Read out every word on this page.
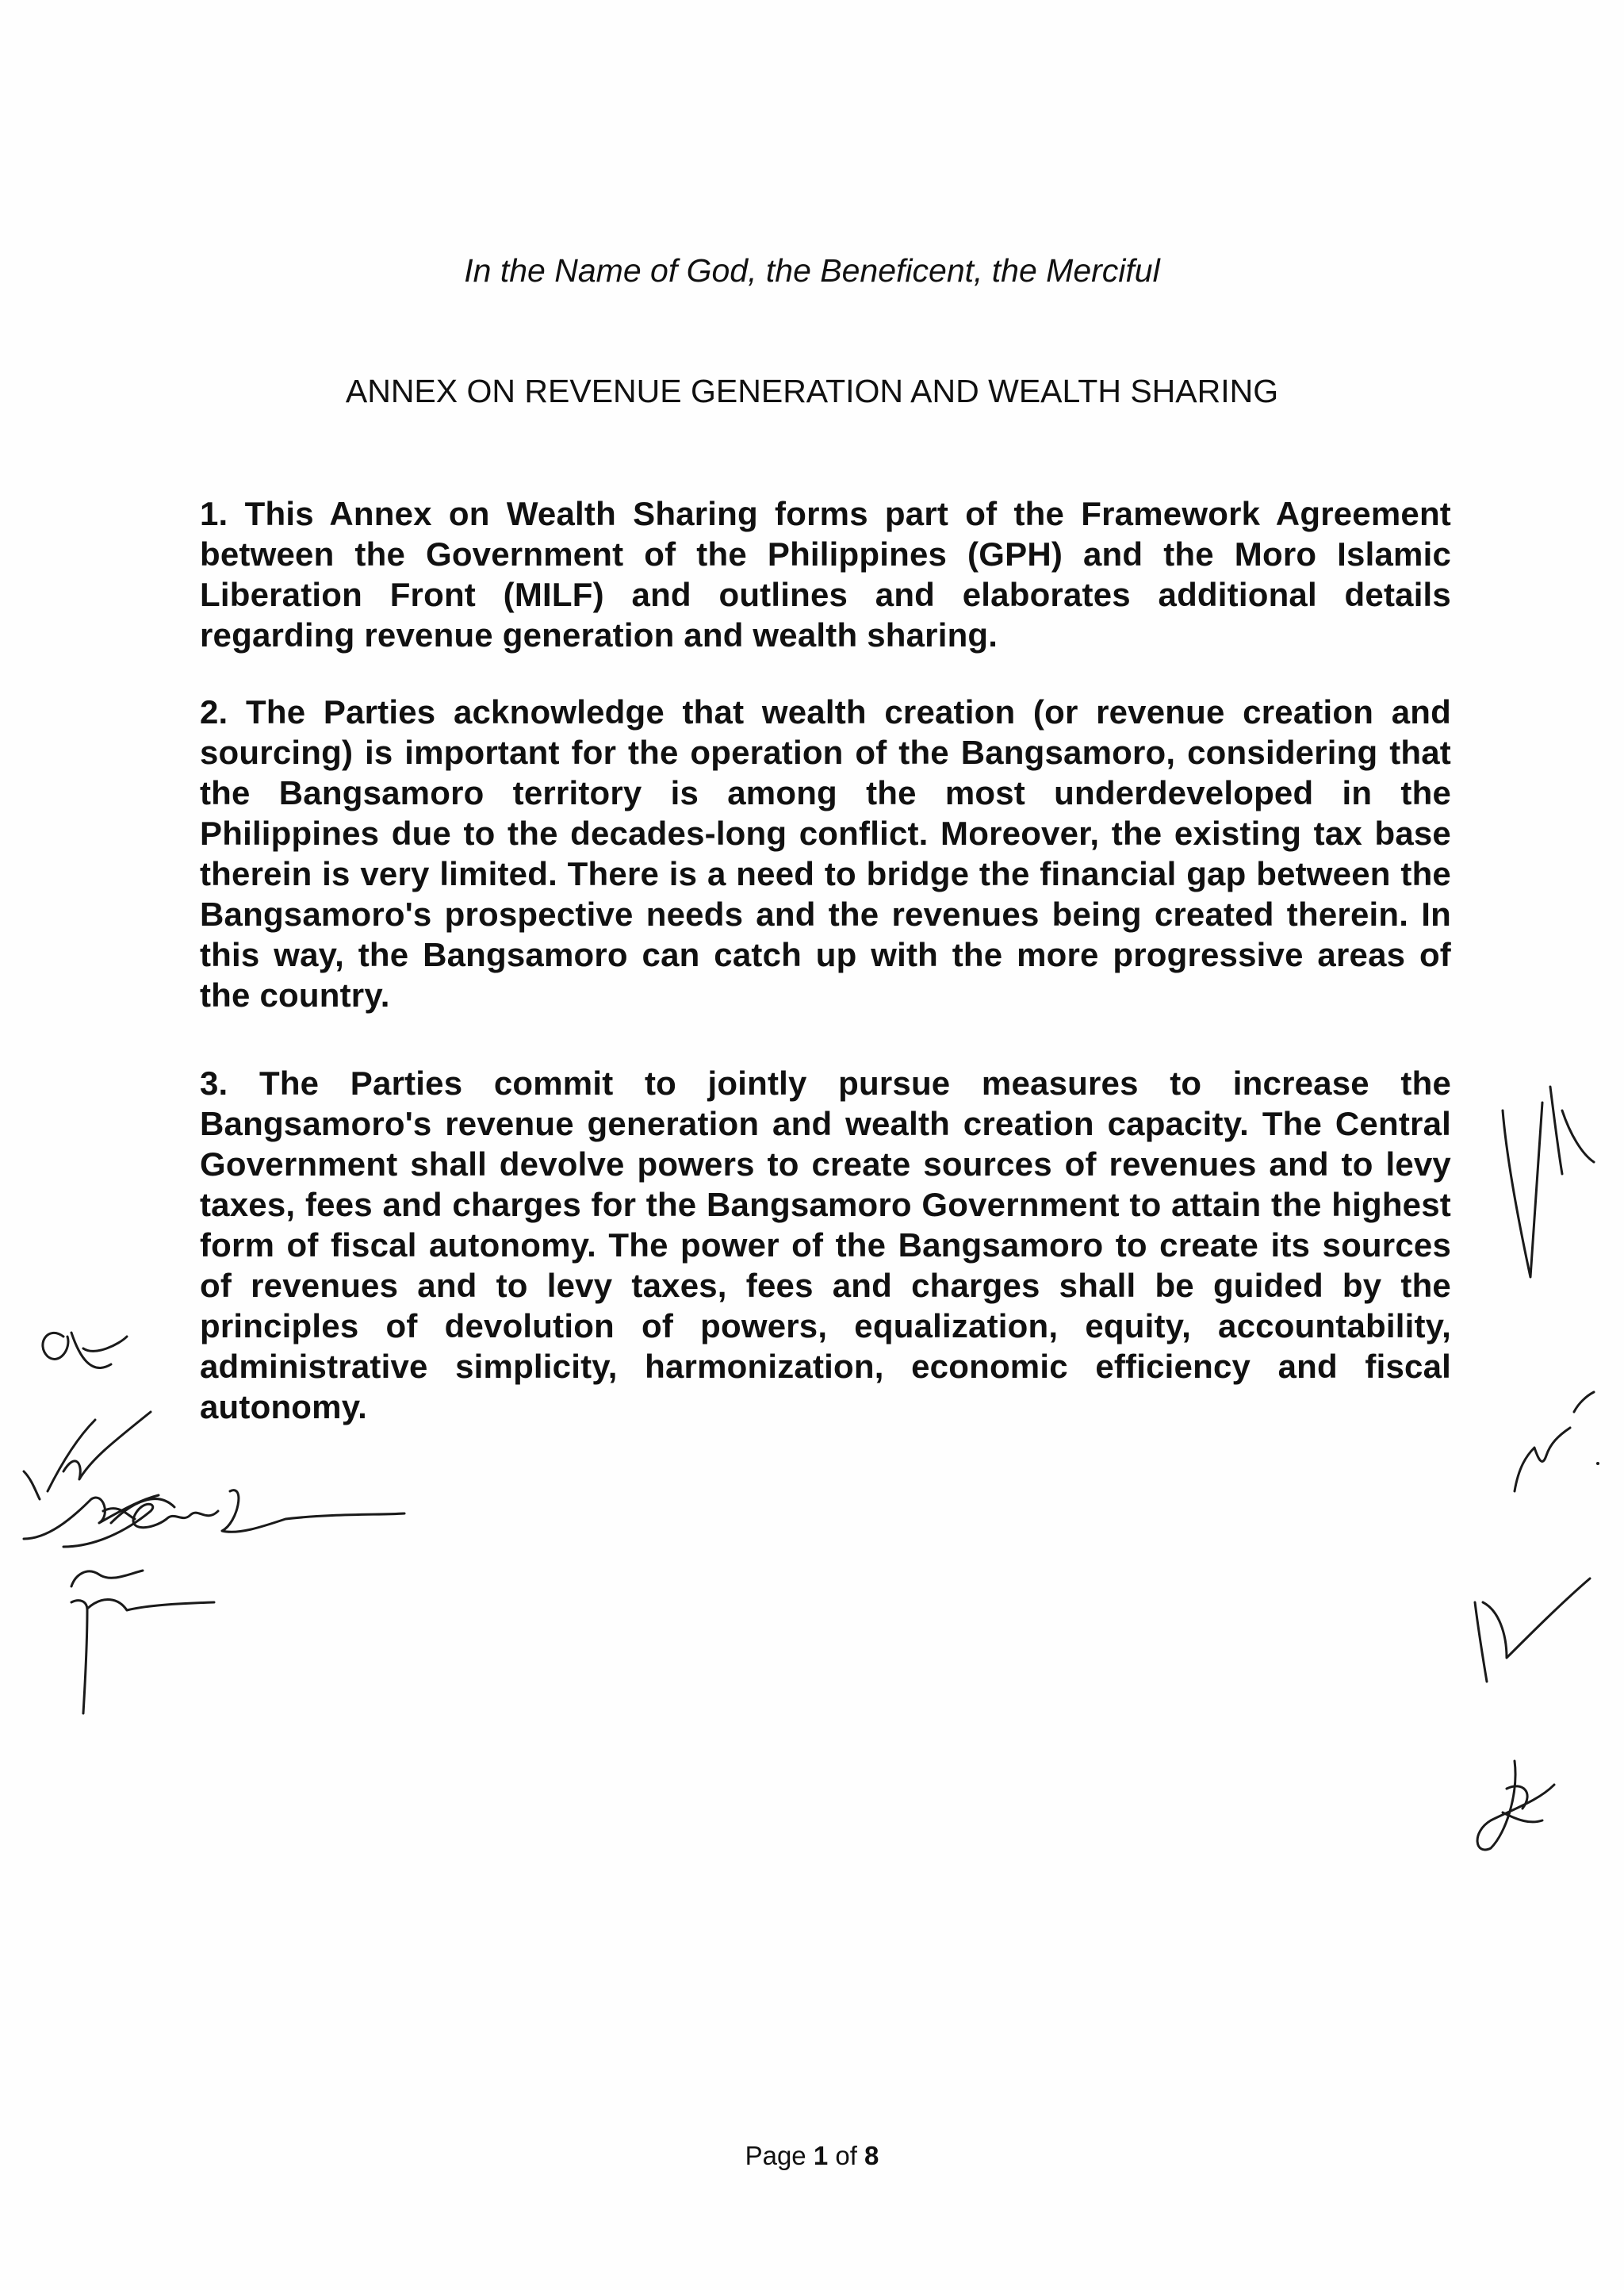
In the Name of God, the Beneficent, the Merciful
ANNEX ON REVENUE GENERATION AND WEALTH SHARING
1. This Annex on Wealth Sharing forms part of the Framework Agreement between the Government of the Philippines (GPH) and the Moro Islamic Liberation Front (MILF) and outlines and elaborates additional details regarding revenue generation and wealth sharing.
2. The Parties acknowledge that wealth creation (or revenue creation and sourcing) is important for the operation of the Bangsamoro, considering that the Bangsamoro territory is among the most underdeveloped in the Philippines due to the decades-long conflict. Moreover, the existing tax base therein is very limited. There is a need to bridge the financial gap between the Bangsamoro's prospective needs and the revenues being created therein. In this way, the Bangsamoro can catch up with the more progressive areas of the country.
3. The Parties commit to jointly pursue measures to increase the Bangsamoro's revenue generation and wealth creation capacity. The Central Government shall devolve powers to create sources of revenues and to levy taxes, fees and charges for the Bangsamoro Government to attain the highest form of fiscal autonomy. The power of the Bangsamoro to create its sources of revenues and to levy taxes, fees and charges shall be guided by the principles of devolution of powers, equalization, equity, accountability, administrative simplicity, harmonization, economic efficiency and fiscal autonomy.
Page 1 of 8
